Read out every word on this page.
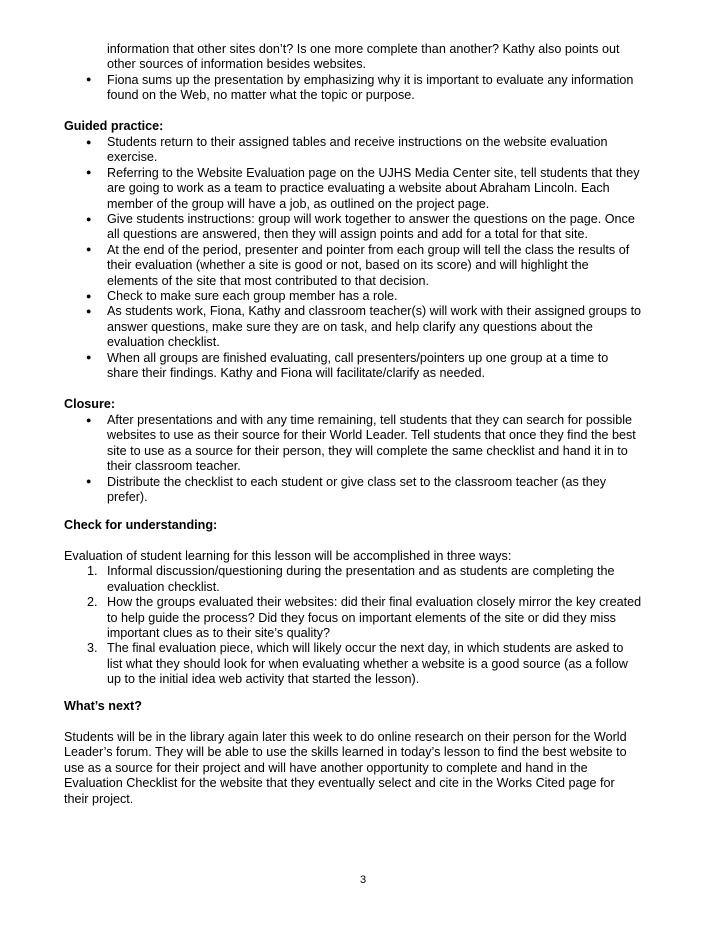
information that other sites don’t? Is one more complete than another? Kathy also points out
other sources of information besides websites.
● Fiona sums up the presentation by emphasizing why it is important to evaluate any information
found on the Web, no matter what the topic or purpose.
Guided practice:
● Students return to their assigned tables and receive instructions on the website evaluation
exercise.
● Referring to the Website Evaluation page on the UJHS Media Center site, tell students that they
are going to work as a team to practice evaluating a website about Abraham Lincoln. Each
member of the group will have a job, as outlined on the project page.
● Give students instructions: group will work together to answer the questions on the page. Once
all questions are answered, then they will assign points and add for a total for that site.
● At the end of the period, presenter and pointer from each group will tell the class the results of
their evaluation (whether a site is good or not, based on its score) and will highlight the
elements of the site that most contributed to that decision.
● Check to make sure each group member has a role.
● As students work, Fiona, Kathy and classroom teacher(s) will work with their assigned groups to
answer questions, make sure they are on task, and help clarify any questions about the
evaluation checklist.
● When all groups are finished evaluating, call presenters/pointers up one group at a time to
share their findings. Kathy and Fiona will facilitate/clarify as needed.
Closure:
● After presentations and with any time remaining, tell students that they can search for possible
websites to use as their source for their World Leader. Tell students that once they find the best
site to use as a source for their person, they will complete the same checklist and hand it in to
their classroom teacher.
● Distribute the checklist to each student or give class set to the classroom teacher (as they
prefer).
Check for understanding:
Evaluation of student learning for this lesson will be accomplished in three ways:
1. Informal discussion/questioning during the presentation and as students are completing the
evaluation checklist.
2. How the groups evaluated their websites: did their final evaluation closely mirror the key created
to help guide the process? Did they focus on important elements of the site or did they miss
important clues as to their site’s quality?
3. The final evaluation piece, which will likely occur the next day, in which students are asked to
list what they should look for when evaluating whether a website is a good source (as a follow
up to the initial idea web activity that started the lesson).
What’s next?
Students will be in the library again later this week to do online research on their person for the World
Leader’s forum. They will be able to use the skills learned in today’s lesson to find the best website to
use as a source for their project and will have another opportunity to complete and hand in the
Evaluation Checklist for the website that they eventually select and cite in the Works Cited page for
their project.
3
